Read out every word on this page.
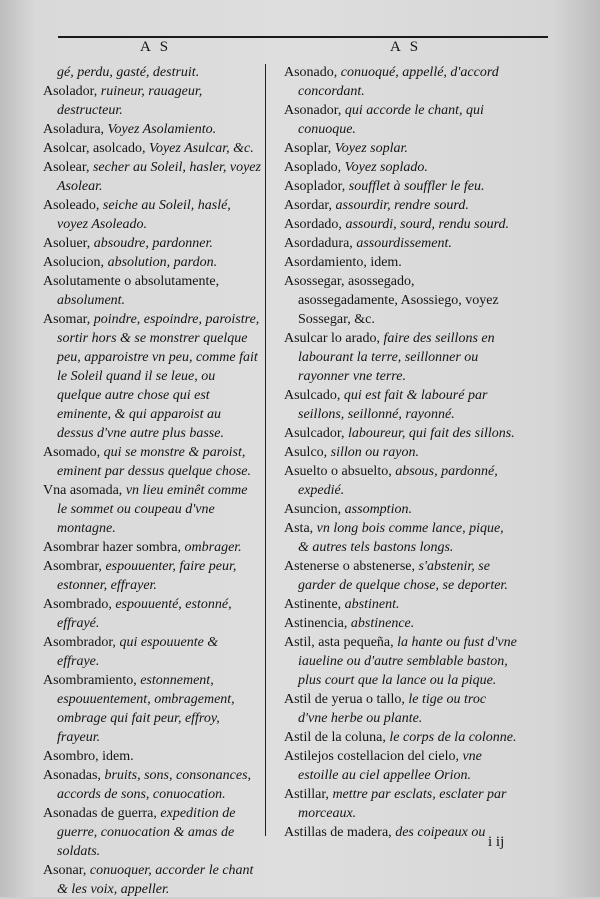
A S	A S

gé, perdu, gasté, destruit.

Asolador, ruineur, rauageur, destructeur.

Asoladura, Voyez Asolamiento.

Asolcar, asolcado, Voyez Asulcar, &c.

Asolear, secher au Soleil, hasler, voyez Asolear.

Asoleado, seiche au Soleil, haslé, voyez Asoleado.

Asoluer, absoudre, pardonner.

Asolucion, absolution, pardon.

Asolutamente o absolutamente, absolument.

Asomar, poindre, espoindre, paroistre, sortir hors & se monstrer quelque peu, apparoistre vn peu, comme fait le Soleil quand il se leue, ou quelque autre chose qui est eminente, & qui apparoist au dessus d'vne autre plus basse.

Asomado, qui se monstre & paroist, eminent par dessus quelque chose.

Vna asomada, vn lieu eminêt comme le sommet ou coupeau d'vne montagne.

Asombrar hazer sombra, ombrager.

Asombrar, espouuenter, faire peur, estonner, effrayer.

Asombrado, espouuenté, estonné, effrayé.

Asombrador, qui espouuente & effraye.

Asombramiento, estonnement, espouuentement, ombragement, ombrage qui fait peur, effroy, frayeur.

Asombro, idem.

Asonadas, bruits, sons, consonances, accords de sons, conuocation.

Asonadas de guerra, expedition de guerre, conuocation & amas de soldats.

Asonar, conuoquer, accorder le chant & les voix, appeller.

Asonado, conuoqué, appellé, d'accord concordant.

Asonador, qui accorde le chant, qui conuoque.

Asoplar, Voyez soplar.

Asoplado, Voyez soplado.

Asoplador, soufflet à souffler le feu.

Asordar, assourdir, rendre sourd.

Asordado, assourdi, sourd, rendu sourd.

Asordadura, assourdissement.

Asordamiento, idem.

Asossegar, asossegado, asossegadamente, Asossiego, voyez Sossegar, &c.

Asulcar lo arado, faire des seillons en labourant la terre, seillonner ou rayonner vne terre.

Asulcado, qui est fait & labouré par seillons, seillonné, rayonné.

Asulcador, laboureur, qui fait des sillons.

Asulco, sillon ou rayon.

Asuelto o absuelto, absous, pardonné, expedié.

Asuncion, assomption.

Asta, vn long bois comme lance, pique, & autres tels bastons longs.

Astenerse o abstenerse, s'abstenir, se garder de quelque chose, se deporter.

Astinente, abstinent.

Astinencia, abstinence.

Astil, asta pequeña, la hante ou fust d'vne iaueline ou d'autre semblable baston, plus court que la lance ou la pique.

Astil de yerua o tallo, le tige ou troc d'vne herbe ou plante.

Astil de la coluna, le corps de la colonne.

Astilejos costellacion del cielo, vne estoille au ciel appellee Orion.

Astillar, mettre par esclats, esclater par morceaux.

Astillas de madera, des coipeaux ou

i ij
